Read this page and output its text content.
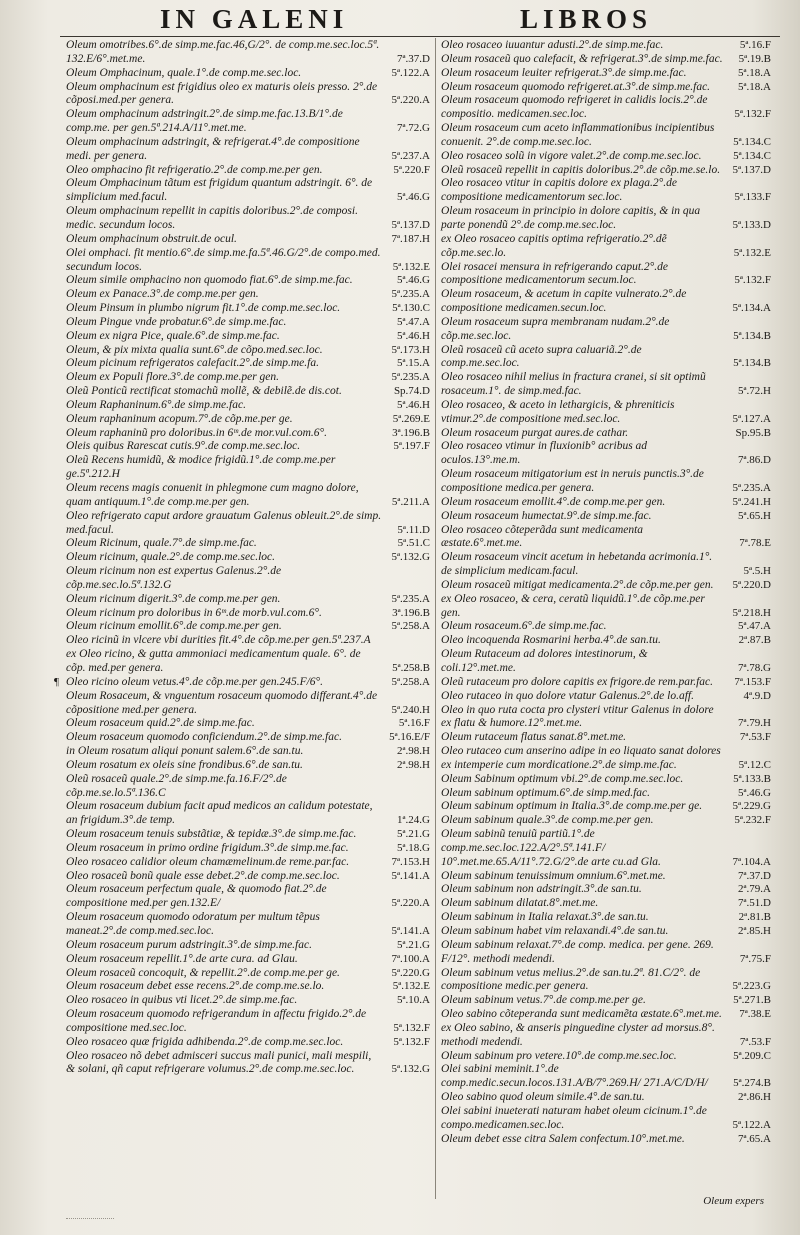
IN GALENI	LIBROS
Oleum omotribes.6°.de simp.me.fac.46,G/2°. de comp.me.sec.loc.5ª. 132.E/6°.met.me.	7ª.37.D
Oleum Omphacinum, quale.1°.de comp.me.sec.loc.	5ª.122.A
Oleum omphacinum est frigidius oleo ex maturis oleis presso. 2°.de cõposi.med.per genera.	5ª.220.A
Oleum omphacinum adstringit.2°.de simp.me.fac.13.B/1°.de comp.me. per gen.5ª.214.A/11°.met.me.	7ª.72.G
Oleum omphacinum adstringit, & refrigerat.4°.de compositione medi. per genera.	5ª.237.A
Oleo omphacino fit refrigeratio.2°.de comp.me.per gen.	5ª.220.F
Oleum Omphacinum tãtum est frigidum quantum adstringit. 6°. de simplicium med.facul.	5ª.46.G
Oleum omphacinum repellit in capitis doloribus.2°.de composi. medic. secundum locos.	5ª.137.D
Oleum omphacinum obstruit.de ocul.	7ª.187.H
Olei omphaci. fit mentio.6°.de simp.me.fa.5ª.46.G/2°.de compo.med. secundum locos.	5ª.132.E
Oleum simile omphacino non quomodo fiat.6°.de simp.me.fac.	5ª.46.G
Oleum ex Panace.3°.de comp.me.per gen.	5ª.235.A
Oleum Pinsum in plumbo nigrum fit.1°.de comp.me.sec.loc.	5ª.130.C
Oleum Pingue vnde probatur.6°.de simp.me.fac.	5ª.47.A
Oleum ex nigra Pice, quale.6°.de simp.me.fac.	5ª.46.H
Oleum, & pix mixta qualia sunt.6°.de cõpo.med.sec.loc.	5ª.173.H
Oleum picinum refrigeratos calefacit.2°.de simp.me.fa.	5ª.15.A
Oleum ex Populi flore.3°.de comp.me.per gen.	5ª.235.A
Oleũ Ponticũ rectificat stomachũ mollẽ, & debilẽ.de dis.cot.	Sp.74.D
Oleum Raphaninum.6°.de simp.me.fac.	5ª.46.H
Oleum raphaninum acopum.7°.de cõp.me.per ge.	5ª.269.E
Oleum raphaninũ pro doloribus.in 6ᵐ.de mor.vul.com.6°.	3ª.196.B
Oleis quibus Rarescat cutis.9°.de comp.me.sec.loc.	5ª.197.F
Oleũ Recens humidũ, & modice frigidũ.1°.de comp.me.per ge.5ª.212.H
Oleum recens magis conuenit in phlegmone cum magno dolore, quam antiquum.1°.de comp.me.per gen.	5ª.211.A
Oleo refrigerato caput ardore grauatum Galenus obleuit.2°.de simp. med.facul.	5ª.11.D
Oleum Ricinum, quale.7°.de simp.me.fac.	5ª.51.C
Oleum ricinum, quale.2°.de comp.me.sec.loc.	5ª.132.G
Oleum ricinum non est expertus Galenus.2°.de cõp.me.sec.lo.5ª.132.G
Oleum ricinum digerit.3°.de comp.me.per gen.	5ª.235.A
Oleum ricinum pro doloribus in 6ᵐ.de morb.vul.com.6°.	3ª.196.B
Oleum ricinum emollit.6°.de comp.me.per gen.	5ª.258.A
Oleo ricinũ in vlcere vbi durities fit.4°.de cõp.me.per gen.5ª.237.A
ex Oleo ricino, & gutta ammoniaci medicamentum quale. 6°. de cõp. med.per genera.	5ª.258.B
¶ Oleo ricino oleum vetus.4°.de cõp.me.per gen.245.F/6°.	5ª.258.A
Oleum Rosaceum, & vnguentum rosaceum quomodo differant.4°.de cõpositione med.per genera.	5ª.240.H
Oleum rosaceum quid.2°.de simp.me.fac.	5ª.16.F
Oleum rosaceum quomodo conficiendum.2°.de simp.me.fac.	5ª.16.E/F
in Oleum rosatum aliqui ponunt salem.6°.de san.tu.	2ª.98.H
Oleum rosatum ex oleis sine frondibus.6°.de san.tu.	2ª.98.H
Oleũ rosaceũ quale.2°.de simp.me.fa.16.F/2°.de cõp.me.se.lo.5ª.136.C
Oleum rosaceum dubium facit apud medicos an calidum potestate, an frigidum.3°.de temp.	1ª.24.G
Oleum rosaceum tenuis substãtiæ, & tepidæ.3°.de simp.me.fac.	5ª.21.G
Oleum rosaceum in primo ordine frigidum.3°.de simp.me.fac.	5ª.18.G
Oleo rosaceo calidior oleum chamæmelinum.de reme.par.fac.	7ª.153.H
Oleo rosaceũ bonũ quale esse debet.2°.de comp.me.sec.loc.	5ª.141.A
Oleum rosaceum perfectum quale, & quomodo fiat.2°.de compositione med.per gen.132.E/	5ª.220.A
Oleum rosaceum quomodo odoratum per multum tẽpus maneat.2°.de comp.med.sec.loc.	5ª.141.A
Oleum rosaceum purum adstringit.3°.de simp.me.fac.	5ª.21.G
Oleum rosaceum repellit.1°.de arte cura. ad Glau.	7ª.100.A
Oleum rosaceũ concoquit, & repellit.2°.de comp.me.per ge.	5ª.220.G
Oleum rosaceum debet esse recens.2°.de comp.me.se.lo.	5ª.132.E
Oleo rosaceo in quibus vti licet.2°.de simp.me.fac.	5ª.10.A
Oleum rosaceum quomodo refrigerandum in affectu frigido.2°.de compositione med.sec.loc.	5ª.132.F
Oleo rosaceo quæ frigida adhibenda.2°.de comp.me.sec.loc.	5ª.132.F
Oleo rosaceo nõ debet admisceri succus mali punici, mali mespili, & solani, qñ caput refrigerare volumus.2°.de comp.me.sec.loc.	5ª.132.G
Oleo rosaceo iuuantur adusti.2°.de simp.me.fac.	5ª.16.F
Oleum rosaceũ quo calefacit, & refrigerat.3°.de simp.me.fac.	5ª.19.B
Oleum rosaceum leuiter refrigerat.3°.de simp.me.fac.	5ª.18.A
Oleum rosaceum quomodo refrigeret.at.3°.de simp.me.fac.	5ª.18.A
Oleum rosaceum quomodo refrigeret in calidis locis.2°.de compositio. medicamen.sec.loc.	5ª.132.F
Oleum rosaceum cum aceto inflammationibus incipientibus conuenit. 2°.de comp.me.sec.loc.	5ª.134.C
Oleo rosaceo solũ in vigore valet.2°.de comp.me.sec.loc.	5ª.134.C
Oleũ rosaceũ repellit in capitis doloribus.2°.de cõp.me.se.lo.	5ª.137.D
Oleo rosaceo vtitur in capitis dolore ex plaga.2°.de compositione medicamentorum sec.loc.	5ª.133.F
Oleum rosaceum in principio in dolore capitis, & in qua parte ponendũ 2°.de comp.me.sec.loc.	5ª.133.D
ex Oleo rosaceo capitis optima refrigeratio.2°.dẽ cõp.me.sec.lo.	5ª.132.E
Olei rosacei mensura in refrigerando caput.2°.de compositione medicamentorum secum.loc.	5ª.132.F
Oleum rosaceum, & acetum in capite vulnerato.2°.de compositione medicamen.secun.loc.	5ª.134.A
Oleum rosaceum supra membranam nudam.2°.de cõp.me.sec.loc.	5ª.134.B
Oleũ rosaceũ cũ aceto supra caluariã.2°.de comp.me.sec.loc.	5ª.134.B
Oleo rosaceo nihil melius in fractura cranei, si sit optimũ rosaceum.1°. de simp.med.fac.	5ª.72.H
Oleo rosaceo, & aceto in lethargicis, & phreniticis vtimur.2°.de compositione med.sec.loc.	5ª.127.A
Oleum rosaceum purgat aures.de cathar.	Sp.95.B
Oleo rosaceo vtimur in fluxionib° acribus ad oculos.13°.me.m.	7ª.86.D
Oleum rosaceum mitigatorium est in neruis punctis.3°.de compositione medica.per genera.	5ª.235.A
Oleum rosaceum emollit.4°.de comp.me.per gen.	5ª.241.H
Oleum rosaceum humectat.9°.de simp.me.fac.	5ª.65.H
Oleo rosaceo cõteperãda sunt medicamenta æstate.6°.met.me.	7ª.78.E
Oleum rosaceum vincit acetum in hebetanda acrimonia.1°. de simplicium medicam.facul.	5ª.5.H
Oleum rosaceũ mitigat medicamenta.2°.de cõp.me.per gen.	5ª.220.D
ex Oleo rosaceo, & cera, ceratũ liquidũ.1°.de cõp.me.per gen.	5ª.218.H
Oleum rosaceum.6°.de simp.me.fac.	5ª.47.A
Oleo incoquenda Rosmarini herba.4°.de san.tu.	2ª.87.B
Oleum Rutaceum ad dolores intestinorum, & coli.12°.met.me.	7ª.78.G
Oleũ rutaceum pro dolore capitis ex frigore.de rem.par.fac.	7ª.153.F
Oleo rutaceo in quo dolore vtatur Galenus.2°.de lo.aff.	4ª.9.D
Oleo in quo ruta cocta pro clysteri vtitur Galenus in dolore ex flatu & humore.12°.met.me.	7ª.79.H
Oleum rutaceum flatus sanat.8°.met.me.	7ª.53.F
Oleo rutaceo cum anserino adipe in eo liquato sanat dolores ex intemperie cum mordicatione.2°.de simp.me.fac.	5ª.12.C
Oleum Sabinum optimum vbi.2°.de comp.me.sec.loc.	5ª.133.B
Oleum sabinum optimum.6°.de simp.med.fac.	5ª.46.G
Oleum sabinum optimum in Italia.3°.de comp.me.per ge.	5ª.229.G
Oleum sabinum quale.3°.de comp.me.per gen.	5ª.232.F
Oleum sabinũ tenuiũ partiũ.1°.de comp.me.sec.loc.122.A/2°.5ª.141.F/ 10°.met.me.65.A/11°.72.G/2°.de arte cu.ad Gla.	7ª.104.A
Oleum sabinum tenuissimum omnium.6°.met.me.	7ª.37.D
Oleum sabinum non adstringit.3°.de san.tu.	2ª.79.A
Oleum sabinum dilatat.8°.met.me.	7ª.51.D
Oleum sabinum in Italia relaxat.3°.de san.tu.	2ª.81.B
Oleum sabinum habet vim relaxandi.4°.de san.tu.	2ª.85.H
Oleum sabinum relaxat.7°.de comp. medica. per gene. 269. F/12°. methodi medendi.	7ª.75.F
Oleum sabinum vetus melius.2°.de san.tu.2ª. 81.C/2°. de compositione medic.per genera.	5ª.223.G
Oleum sabinum vetus.7°.de comp.me.per ge.	5ª.271.B
Oleo sabino cõteperanda sunt medicamẽta æstate.6°.met.me.	7ª.38.E
ex Oleo sabino, & anseris pinguedine clyster ad morsus.8°. methodi medendi.	7ª.53.F
Oleum sabinum pro vetere.10°.de comp.me.sec.loc.	5ª.209.C
Olei sabini meminit.1°.de comp.medic.secun.locos.131.A/B/7°.269.H/ 271.A/C/D/H/	5ª.274.B
Oleo sabino quod oleum simile.4°.de san.tu.	2ª.86.H
Olei sabini inueterati naturam habet oleum cicinum.1°.de compo.medicamen.sec.loc.	5ª.122.A
Oleum debet esse citra Salem confectum.10°.met.me.	7ª.65.A
Oleum expers
